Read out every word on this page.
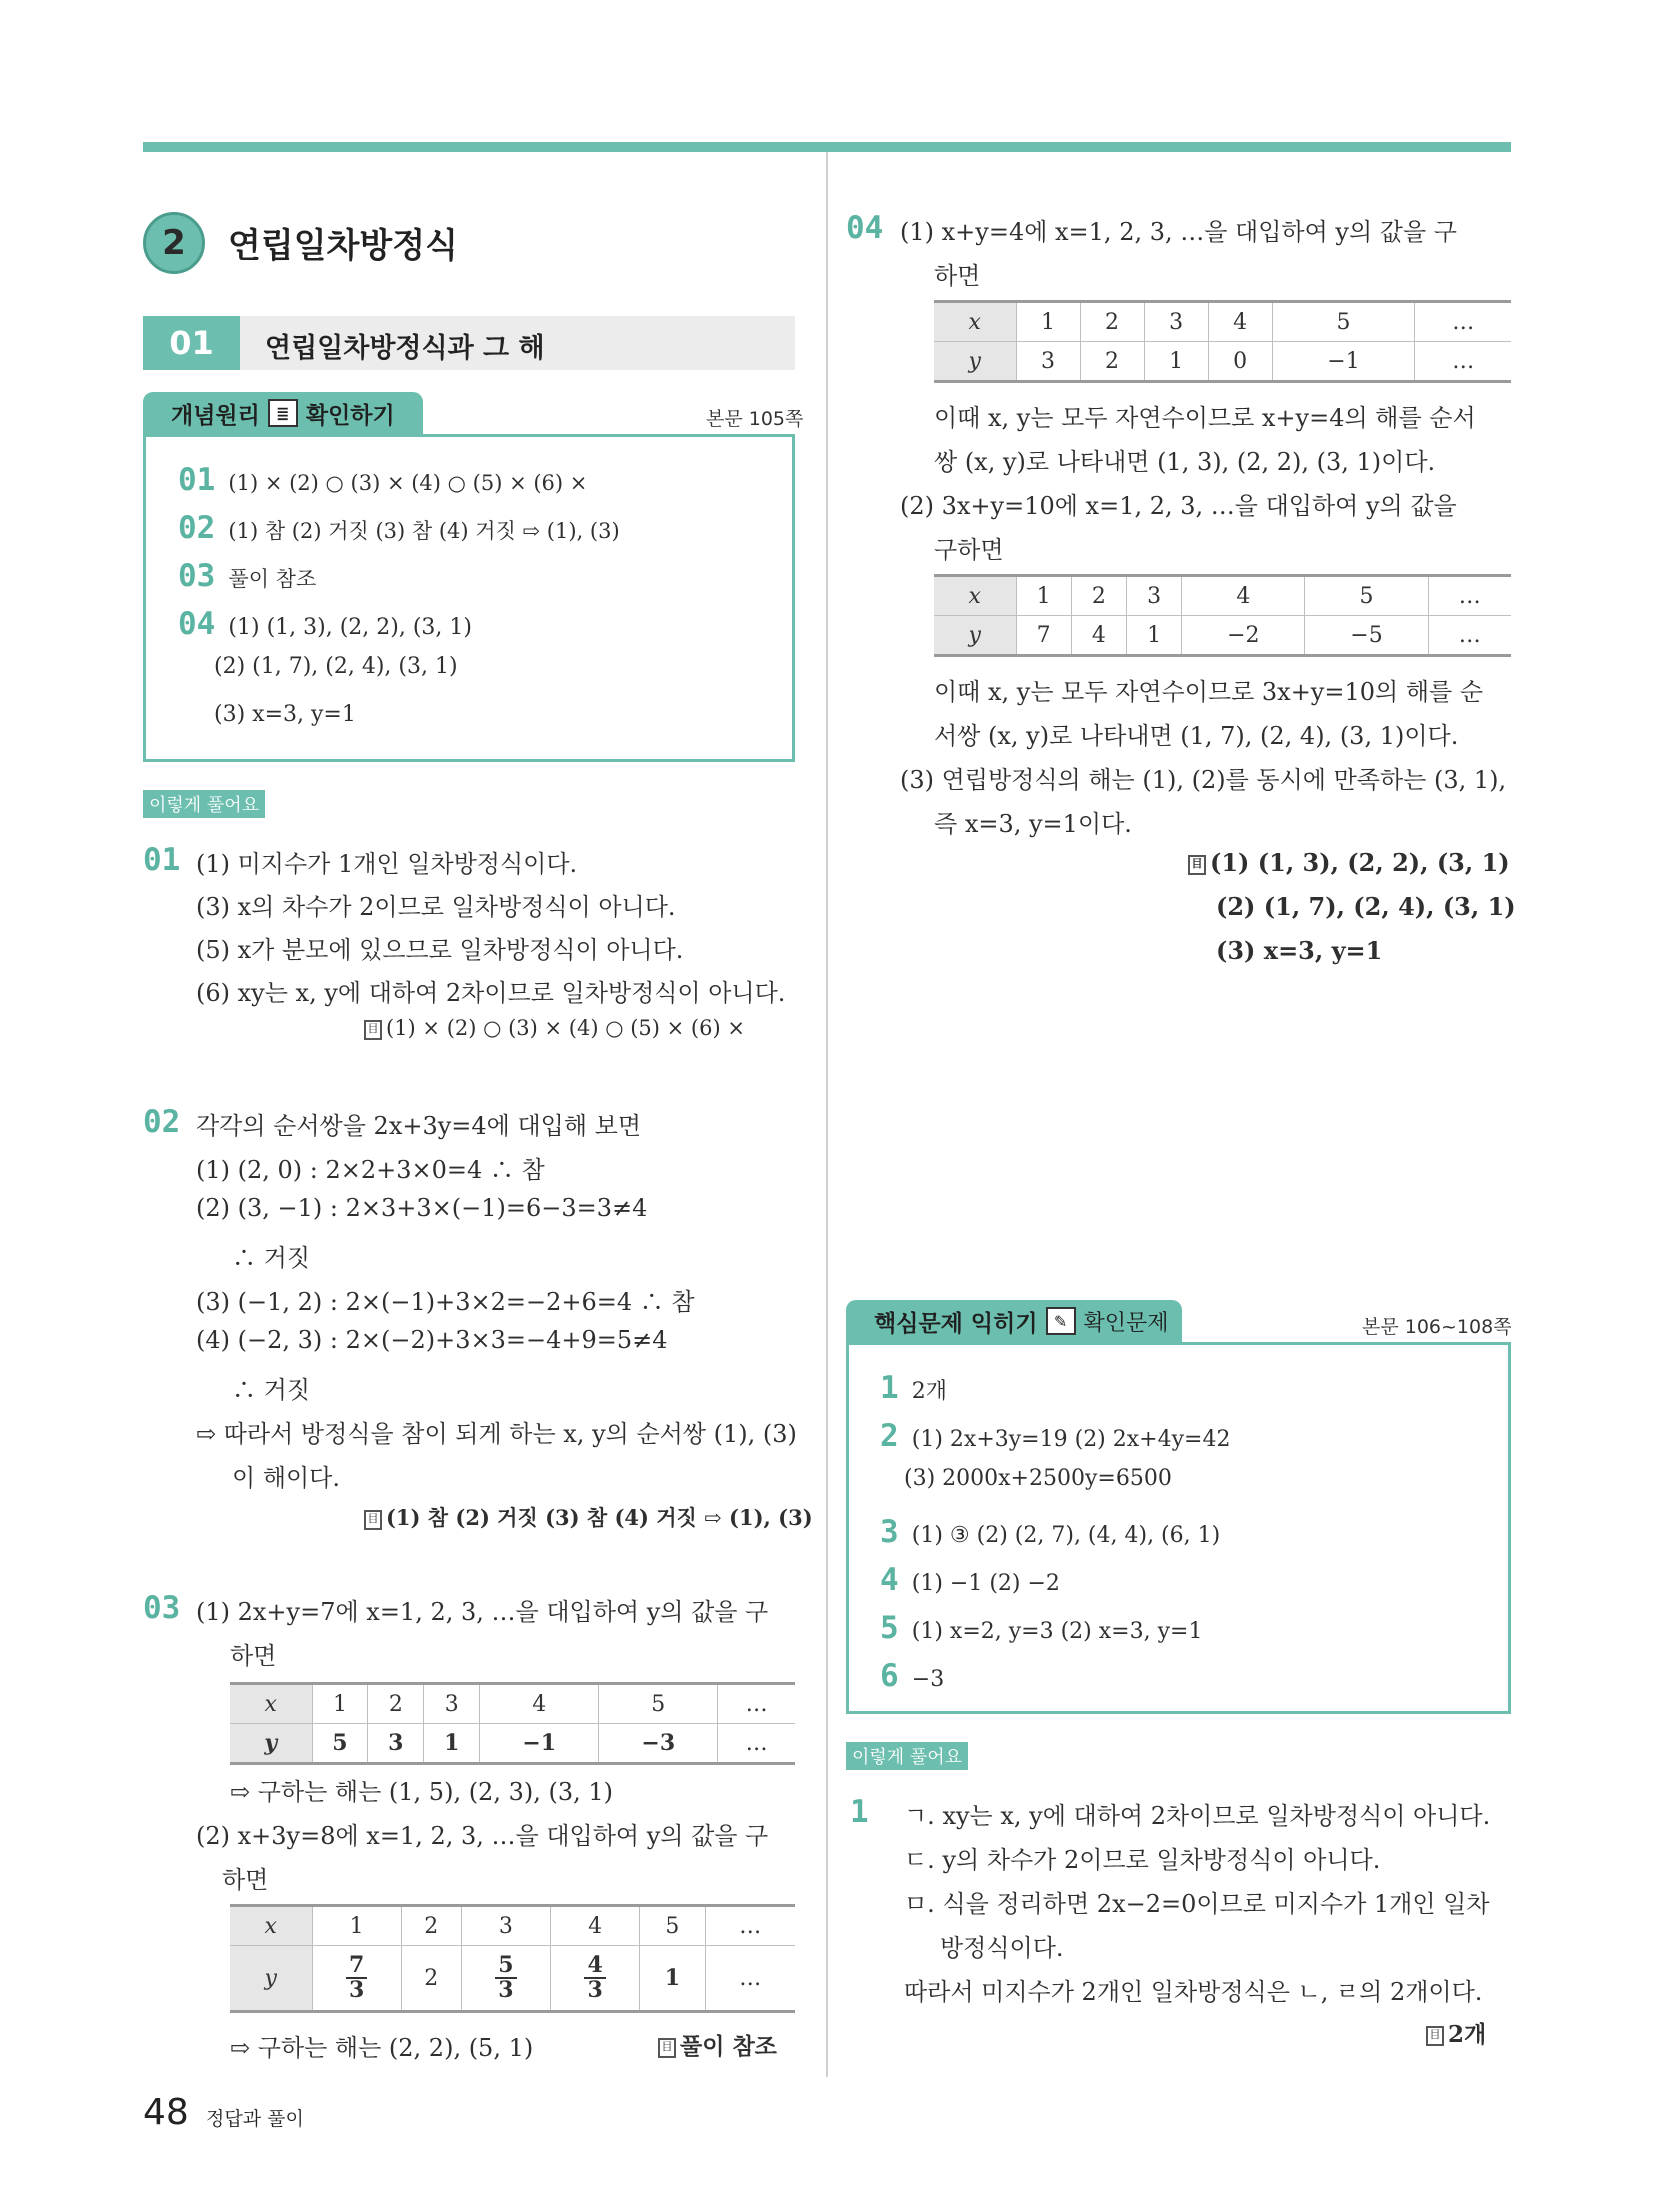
2	연립일차방정식
01	연립일차방정식과 그 해
개념원리	≣ 확인하기	본문 105쪽
01 (1) × (2) ○ (3) × (4) ○ (5) × (6) ×
02 (1) 참 (2) 거짓 (3) 참 (4) 거짓 ⇨ (1), (3)
03 풀이 참조
04 (1) (1, 3), (2, 2), (3, 1)
(2) (1, 7), (2, 4), (3, 1)
(3) x=3, y=1
이렇게 풀어요
01 (1) 미지수가 1개인 일차방정식이다.
(3) x의 차수가 2이므로 일차방정식이 아니다.
(5) x가 분모에 있으므로 일차방정식이 아니다.
(6) xy는 x, y에 대하여 2차이므로 일차방정식이 아니다.
目 (1) × (2) ○ (3) × (4) ○ (5) × (6) ×
02 각각의 순서쌍을 2x+3y=4에 대입해 보면
(1) (2, 0) : 2×2+3×0=4 ∴ 참
(2) (3, −1) : 2×3+3×(−1)=6−3=3≠4
∴ 거짓
(3) (−1, 2) : 2×(−1)+3×2=−2+6=4 ∴ 참
(4) (−2, 3) : 2×(−2)+3×3=−4+9=5≠4
∴ 거짓
⇨ 따라서 방정식을 참이 되게 하는 x, y의 순서쌍 (1), (3)
이 해이다.
目 (1) 참 (2) 거짓 (3) 참 (4) 거짓 ⇨ (1), (3)
03 (1) 2x+y=7에 x=1, 2, 3, …을 대입하여 y의 값을 구
하면
x	1	2	3	4	5	…
y	5	3	1	−1	−3	…
⇨ 구하는 해는 (1, 5), (2, 3), (3, 1)
(2) x+3y=8에 x=1, 2, 3, …을 대입하여 y의 값을 구
하면
x	1	2	3	4	5	…
y	$\frac{7}{3}$	2	$\frac{5}{3}$	$\frac{4}{3}$	1	…
⇨ 구하는 해는 (2, 2), (5, 1)	目 풀이 참조
04 (1) x+y=4에 x=1, 2, 3, …을 대입하여 y의 값을 구
하면
x	1	2	3	4	5	…
y	3	2	1	0	−1	…
이때 x, y는 모두 자연수이므로 x+y=4의 해를 순서
쌍 (x, y)로 나타내면 (1, 3), (2, 2), (3, 1)이다.
(2) 3x+y=10에 x=1, 2, 3, …을 대입하여 y의 값을
구하면
x	1	2	3	4	5	…
y	7	4	1	−2	−5	…
이때 x, y는 모두 자연수이므로 3x+y=10의 해를 순
서쌍 (x, y)로 나타내면 (1, 7), (2, 4), (3, 1)이다.
(3) 연립방정식의 해는 (1), (2)를 동시에 만족하는 (3, 1),
즉 x=3, y=1이다.
目 (1) (1, 3), (2, 2), (3, 1)
(2) (1, 7), (2, 4), (3, 1)
(3) x=3, y=1
핵심문제 익히기	✎ 확인문제	본문 106~108쪽
1 2개
2 (1) 2x+3y=19 (2) 2x+4y=42
(3) 2000x+2500y=6500
3 (1) ③ (2) (2, 7), (4, 4), (6, 1)
4 (1) −1 (2) −2
5 (1) x=2, y=3 (2) x=3, y=1
6 −3
이렇게 풀어요
1 ㄱ. xy는 x, y에 대하여 2차이므로 일차방정식이 아니다.
ㄷ. y의 차수가 2이므로 일차방정식이 아니다.
ㅁ. 식을 정리하면 2x−2=0이므로 미지수가 1개인 일차
방정식이다.
따라서 미지수가 2개인 일차방정식은 ㄴ, ㄹ의 2개이다.
目 2개
48 정답과 풀이
